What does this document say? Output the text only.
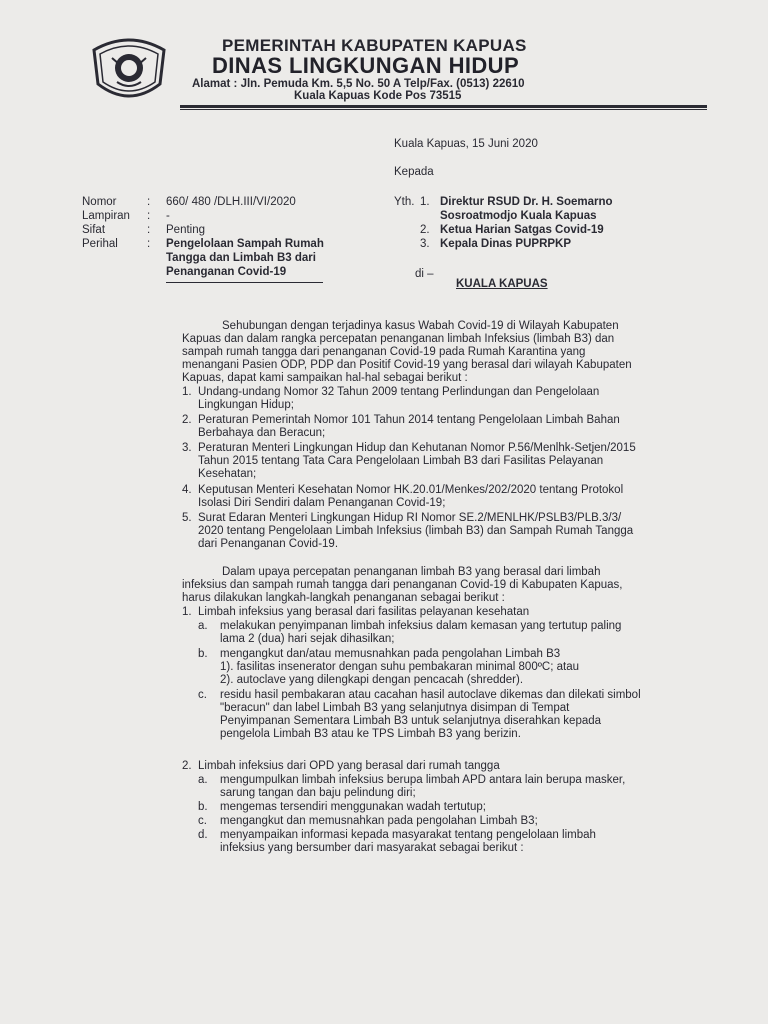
PEMERINTAH KABUPATEN KAPUAS
DINAS LINGKUNGAN HIDUP
Alamat : Jln. Pemuda Km. 5,5 No. 50 A Telp/Fax. (0513) 22610
Kuala Kapuas Kode Pos 73515
Kuala Kapuas, 15 Juni 2020
Kepada
Nomor	: 660/ 480 /DLH.III/VI/2020
Lampiran : -
Sifat	: Penting
Perihal	: Pengelolaan Sampah Rumah
Tangga dan Limbah B3 dari
Penanganan Covid-19
Yth. 1. Direktur RSUD Dr. H. Soemarno
Sosroatmodjo Kuala Kapuas
2. Ketua Harian Satgas Covid-19
3. Kepala Dinas PUPRPKP
di –
KUALA KAPUAS
Sehubungan dengan terjadinya kasus Wabah Covid-19 di Wilayah Kabupaten
Kapuas dan dalam rangka percepatan penanganan limbah Infeksius (limbah B3) dan
sampah rumah tangga dari penanganan Covid-19 pada Rumah Karantina yang
menangani Pasien ODP, PDP dan Positif Covid-19 yang berasal dari wilayah Kabupaten
Kapuas, dapat kami sampaikan hal-hal sebagai berikut :
1. Undang-undang Nomor 32 Tahun 2009 tentang Perlindungan dan Pengelolaan
Lingkungan Hidup;
2. Peraturan Pemerintah Nomor 101 Tahun 2014 tentang Pengelolaan Limbah Bahan
Berbahaya dan Beracun;
3. Peraturan Menteri Lingkungan Hidup dan Kehutanan Nomor P.56/Menlhk-Setjen/2015
Tahun 2015 tentang Tata Cara Pengelolaan Limbah B3 dari Fasilitas Pelayanan
Kesehatan;
4. Keputusan Menteri Kesehatan Nomor HK.20.01/Menkes/202/2020 tentang Protokol
Isolasi Diri Sendiri dalam Penanganan Covid-19;
5. Surat Edaran Menteri Lingkungan Hidup RI Nomor SE.2/MENLHK/PSLB3/PLB.3/3/
2020 tentang Pengelolaan Limbah Infeksius (limbah B3) dan Sampah Rumah Tangga
dari Penanganan Covid-19.
Dalam upaya percepatan penanganan limbah B3 yang berasal dari limbah
infeksius dan sampah rumah tangga dari penanganan Covid-19 di Kabupaten Kapuas,
harus dilakukan langkah-langkah penanganan sebagai berikut :
1. Limbah infeksius yang berasal dari fasilitas pelayanan kesehatan
a. melakukan penyimpanan limbah infeksius dalam kemasan yang tertutup paling
lama 2 (dua) hari sejak dihasilkan;
b. mengangkut dan/atau memusnahkan pada pengolahan Limbah B3
1). fasilitas insenerator dengan suhu pembakaran minimal 800ºC; atau
2). autoclave yang dilengkapi dengan pencacah (shredder).
c. residu hasil pembakaran atau cacahan hasil autoclave dikemas dan dilekati simbol
"beracun" dan label Limbah B3 yang selanjutnya disimpan di Tempat
Penyimpanan Sementara Limbah B3 untuk selanjutnya diserahkan kepada
pengelola Limbah B3 atau ke TPS Limbah B3 yang berizin.
2. Limbah infeksius dari OPD yang berasal dari rumah tangga
a. mengumpulkan limbah infeksius berupa limbah APD antara lain berupa masker,
sarung tangan dan baju pelindung diri;
b. mengemas tersendiri menggunakan wadah tertutup;
c. mengangkut dan memusnahkan pada pengolahan Limbah B3;
d. menyampaikan informasi kepada masyarakat tentang pengelolaan limbah
infeksius yang bersumber dari masyarakat sebagai berikut :
